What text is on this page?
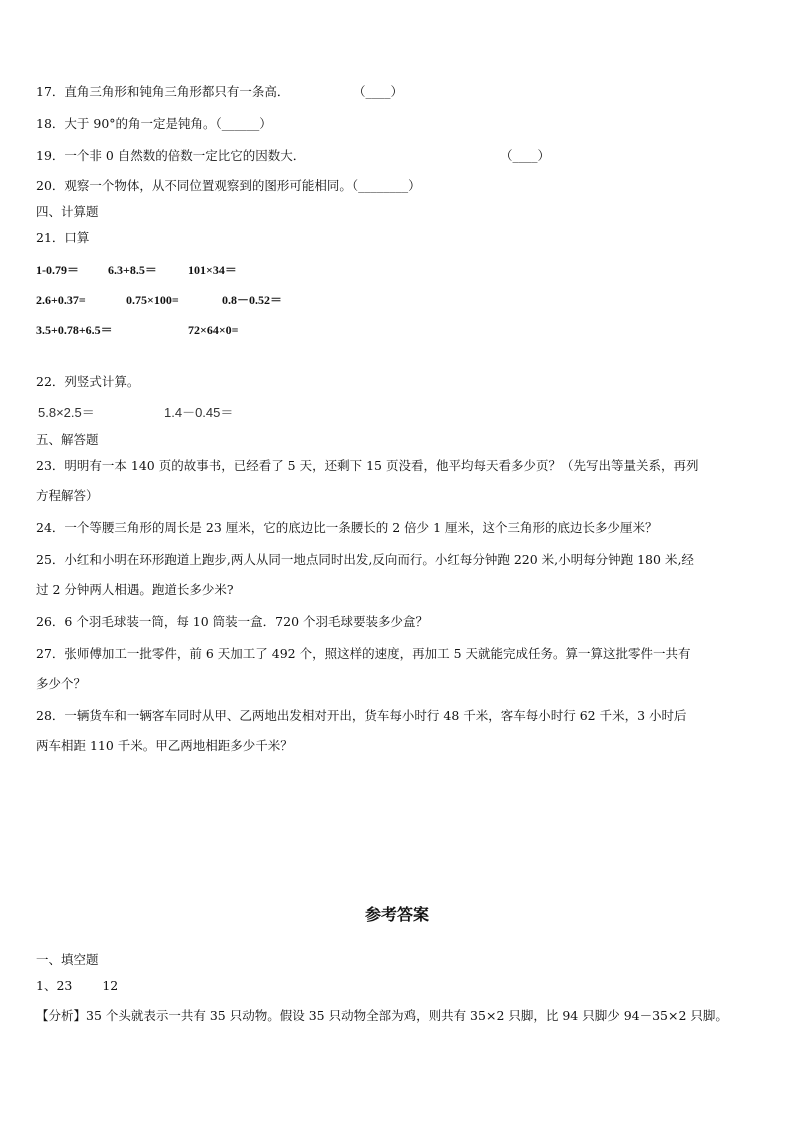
17．直角三角形和钝角三角形都只有一条高．	（____）
18．大于 90°的角一定是钝角。（______）
19．一个非 0 自然数的倍数一定比它的因数大．	（____）
20．观察一个物体，从不同位置观察到的图形可能相同。（________）
四、计算题
21．口算
1-0.79＝ 6.3+8.5＝	101×34＝
2.6+0.37=	0.75×100=	0.8－0.52＝
3.5+0.78+6.5＝	72×64×0=
22．列竖式计算。
5.8×2.5＝	1.4－0.45＝
五、解答题
23．明明有一本 140 页的故事书，已经看了 5 天，还剩下 15 页没看，他平均每天看多少页？（先写出等量关系，再列
方程解答）
24．一个等腰三角形的周长是 23 厘米，它的底边比一条腰长的 2 倍少 1 厘米，这个三角形的底边长多少厘米？
25．小红和小明在环形跑道上跑步,两人从同一地点同时出发,反向而行。小红每分钟跑 220 米,小明每分钟跑 180 米,经
过 2 分钟两人相遇。跑道长多少米?
26．6 个羽毛球装一筒，每 10 筒装一盒．720 个羽毛球要装多少盒？
27．张师傅加工一批零件，前 6 天加工了 492 个，照这样的速度，再加工 5 天就能完成任务。算一算这批零件一共有
多少个？
28．一辆货车和一辆客车同时从甲、乙两地出发相对开出，货车每小时行 48 千米，客车每小时行 62 千米，3 小时后
两车相距 110 千米。甲乙两地相距多少千米？
参考答案
一、填空题
1、23 12
【分析】35 个头就表示一共有 35 只动物。假设 35 只动物全部为鸡，则共有 35×2 只脚，比 94 只脚少 94－35×2 只脚。
